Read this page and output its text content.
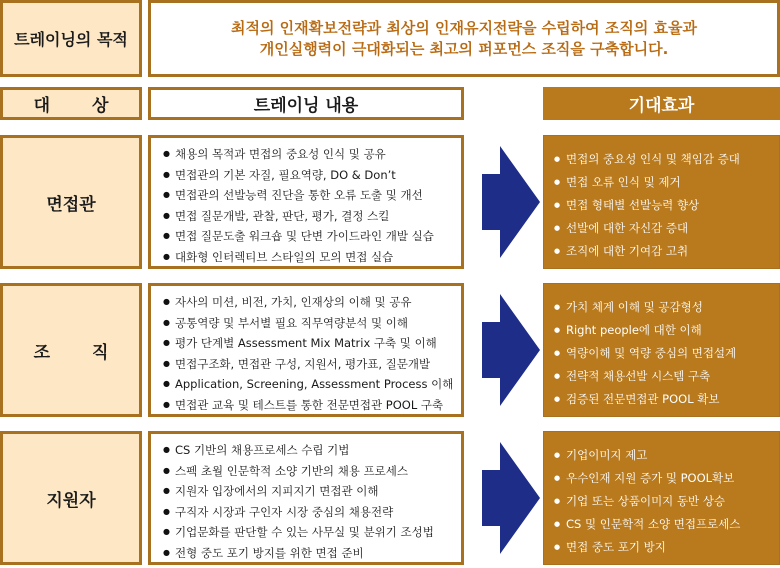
트레이닝의 목적
최적의 인재확보전략과 최상의 인재유지전략을 수립하여 조직의 효율과
개인실행력이 극대화되는 최고의 퍼포먼스 조직을 구축합니다.
대 상	트레이닝 내용	기대효과
면접관
● 채용의 목적과 면접의 중요성 인식 및 공유
● 면접관의 기본 자질, 필요역량, DO & Don’t
● 면접관의 선발능력 진단을 통한 오류 도출 및 개선
● 면접 질문개발, 관찰, 판단, 평가, 결정 스킬
● 면접 질문도출 워크숍 및 단변 가이드라인 개발 실습
● 대화형 인터렉티브 스타일의 모의 면접 실습
● 면접의 중요성 인식 및 책임감 증대
● 면접 오류 인식 및 제거
● 면접 형태별 선발능력 향상
● 선발에 대한 자신감 증대
● 조직에 대한 기여감 고취
조 직
● 자사의 미션, 비전, 가치, 인재상의 이해 및 공유
● 공통역량 및 부서별 필요 직무역량분석 및 이해
● 평가 단계별 Assessment Mix Matrix 구축 및 이해
● 면접구조화, 면접관 구성, 지원서, 평가표, 질문개발
● Application, Screening, Assessment Process 이해
● 면접관 교육 및 테스트를 통한 전문면접관 POOL 구축
● 가치 체계 이해 및 공감형성
● Right people에 대한 이해
● 역량이해 및 역량 중심의 면접설계
● 전략적 채용선발 시스템 구축
● 검증된 전문면접관 POOL 확보
지원자
● CS 기반의 채용프로세스 수립 기법
● 스펙 초월 인문학적 소양 기반의 채용 프로세스
● 지원자 입장에서의 지피지기 면접관 이해
● 구직자 시장과 구인자 시장 중심의 채용전략
● 기업문화를 판단할 수 있는 사무실 및 분위기 조성법
● 전형 중도 포기 방지를 위한 면접 준비
● 기업이미지 제고
● 우수인재 지원 증가 및 POOL확보
● 기업 또는 상품이미지 동반 상승
● CS 및 인문학적 소양 면접프로세스
● 면접 중도 포기 방지
